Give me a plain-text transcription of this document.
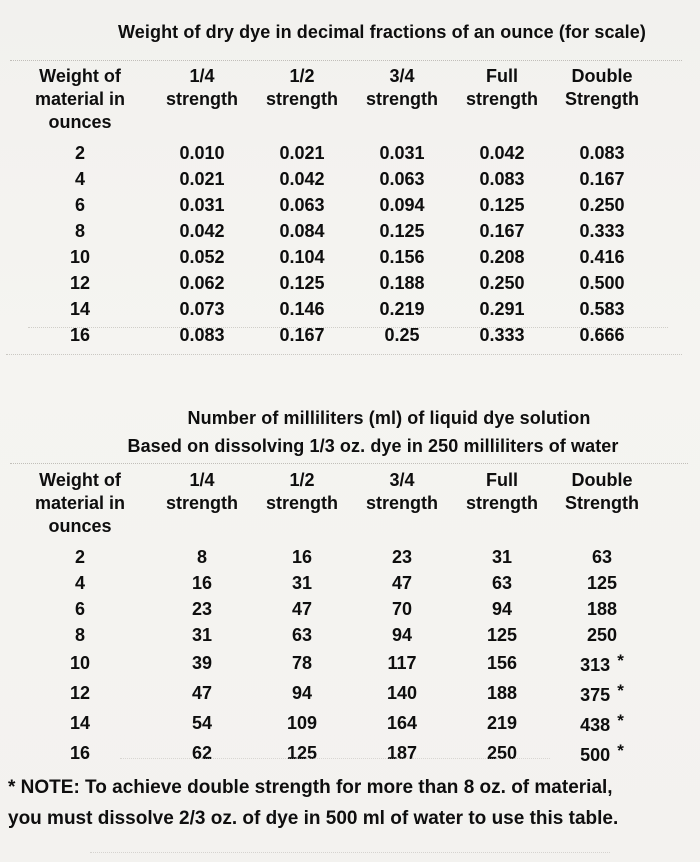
Weight of dry dye in decimal fractions of an ounce (for scale)
Weight of material in ounces	1/4 strength	1/2 strength	3/4 strength	Full strength	Double Strength
2	0.010	0.021	0.031	0.042	0.083
4	0.021	0.042	0.063	0.083	0.167
6	0.031	0.063	0.094	0.125	0.250
8	0.042	0.084	0.125	0.167	0.333
10	0.052	0.104	0.156	0.208	0.416
12	0.062	0.125	0.188	0.250	0.500
14	0.073	0.146	0.219	0.291	0.583
16	0.083	0.167	0.25	0.333	0.666
Number of milliliters (ml) of liquid dye solution
Based on dissolving 1/3 oz. dye in 250 milliliters of water
Weight of material in ounces	1/4 strength	1/2 strength	3/4 strength	Full strength	Double Strength
2	8	16	23	31	63
4	16	31	47	63	125
6	23	47	70	94	188
8	31	63	94	125	250
10	39	78	117	156	313 *
12	47	94	140	188	375 *
14	54	109	164	219	438 *
16	62	125	187	250	500 *
* NOTE: To achieve double strength for more than 8 oz. of material,
you must dissolve 2/3 oz. of dye in 500 ml of water to use this table.
